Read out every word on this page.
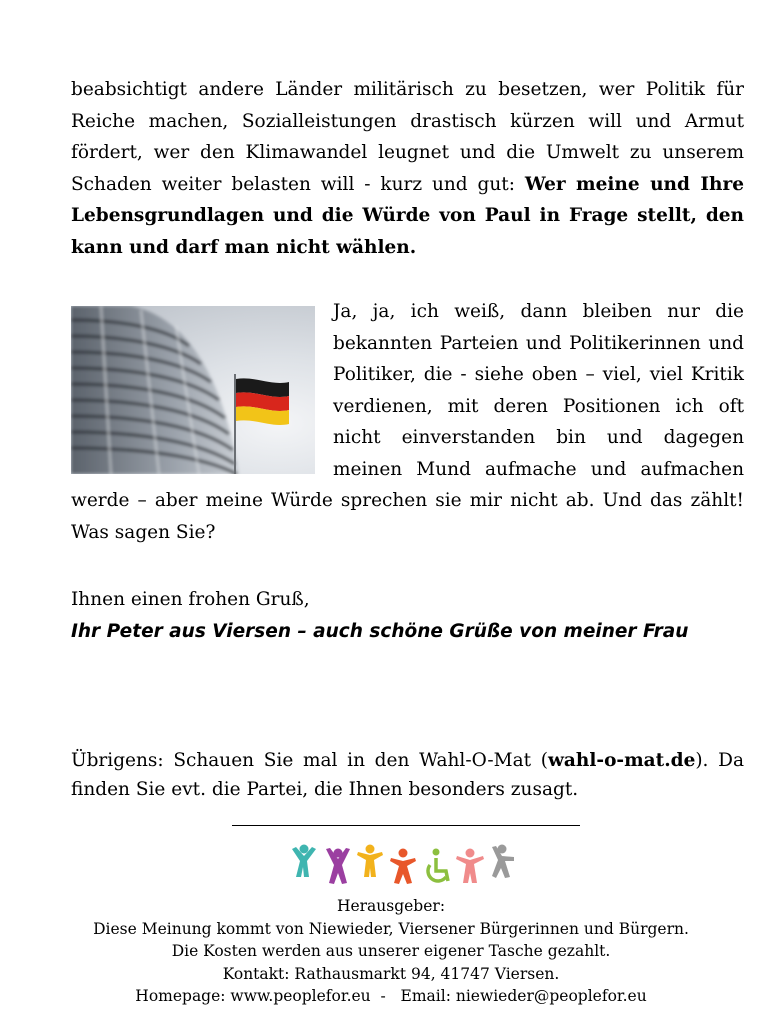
beabsichtigt andere Länder militärisch zu besetzen, wer Politik für Reiche machen, Sozialleistungen drastisch kürzen will und Armut fördert, wer den Klimawandel leugnet und die Umwelt zu unserem Schaden weiter belasten will - kurz und gut: Wer meine und Ihre Lebensgrundlagen und die Würde von Paul in Frage stellt, den kann und darf man nicht wählen.

Ja, ja, ich weiß, dann bleiben nur die bekannten Parteien und Politikerinnen und Politiker, die - siehe oben – viel, viel Kritik verdienen, mit deren Positionen ich oft nicht einverstanden bin und dagegen meinen Mund aufmache und aufmachen werde – aber meine Würde sprechen sie mir nicht ab. Und das zählt! Was sagen Sie?
Ihnen einen frohen Gruß,
Ihr Peter aus Viersen – auch schöne Grüße von meiner Frau

Übrigens: Schauen Sie mal in den Wahl-O-Mat (wahl-o-mat.de). Da finden Sie evt. die Partei, die Ihnen besonders zusagt.

Herausgeber:
Diese Meinung kommt von Niewieder, Viersener Bürgerinnen und Bürgern.
Die Kosten werden aus unserer eigener Tasche gezahlt.
Kontakt: Rathausmarkt 94, 41747 Viersen.
Homepage: www.peoplefor.eu  -   Email: niewieder@peoplefor.eu
